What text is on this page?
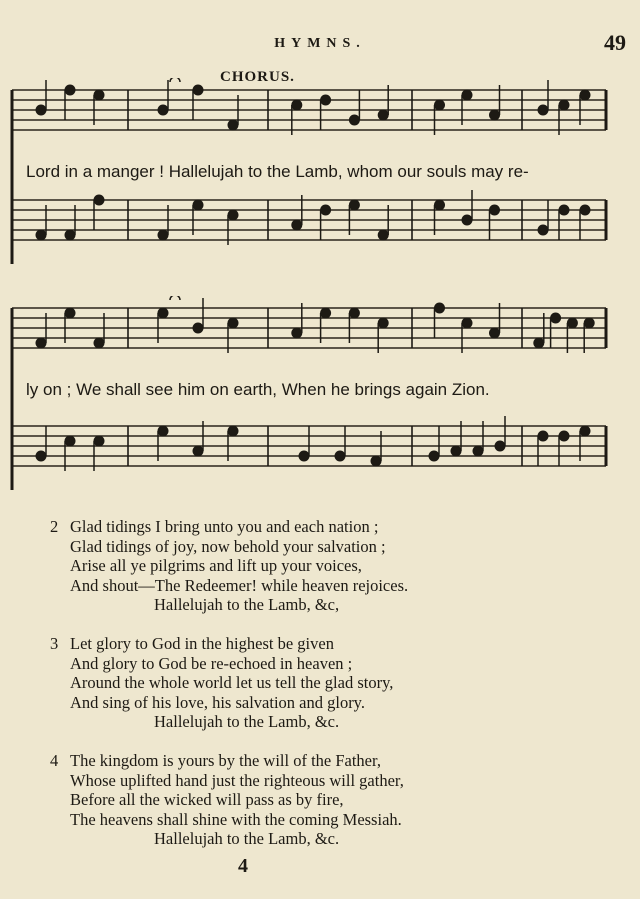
HYMNS.	49
CHORUS.
Lord in a manger ! Hallelujah to the Lamb, whom our souls may re-
ly on ; We shall see him on earth, When he brings again Zion.
2 Glad tidings I bring unto you and each nation ;
Glad tidings of joy, now behold your salvation ;
Arise all ye pilgrims and lift up your voices,
And shout—The Redeemer! while heaven rejoices.
Hallelujah to the Lamb, &c,
3 Let glory to God in the highest be given
And glory to God be re-echoed in heaven ;
Around the whole world let us tell the glad story,
And sing of his love, his salvation and glory.
Hallelujah to the Lamb, &c.
4 The kingdom is yours by the will of the Father,
Whose uplifted hand just the righteous will gather,
Before all the wicked will pass as by fire,
The heavens shall shine with the coming Messiah.
Hallelujah to the Lamb, &c.
4
